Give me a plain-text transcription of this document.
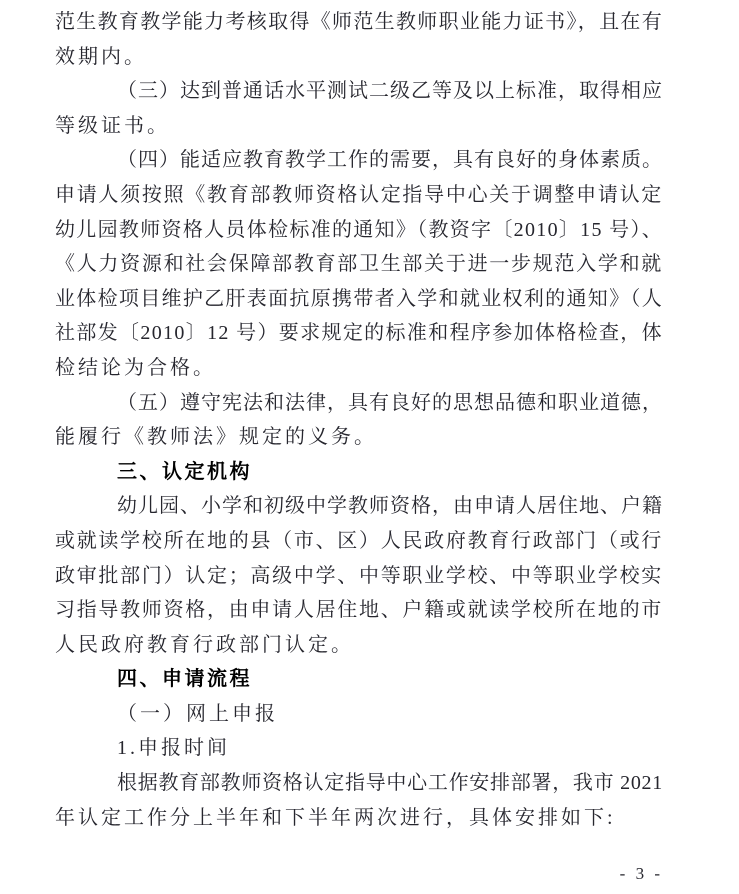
范生教育教学能力考核取得《师范生教师职业能力证书》，且在有
效期内。
（三）达到普通话水平测试二级乙等及以上标准，取得相应
等级证书。
（四）能适应教育教学工作的需要，具有良好的身体素质。
申请人须按照《教育部教师资格认定指导中心关于调整申请认定
幼儿园教师资格人员体检标准的通知》（教资字〔2010〕15 号）、
《人力资源和社会保障部教育部卫生部关于进一步规范入学和就
业体检项目维护乙肝表面抗原携带者入学和就业权利的通知》（人
社部发〔2010〕12 号）要求规定的标准和程序参加体格检查，体
检结论为合格。
（五）遵守宪法和法律，具有良好的思想品德和职业道德，
能履行《教师法》规定的义务。
三、认定机构
幼儿园、小学和初级中学教师资格，由申请人居住地、户籍
或就读学校所在地的县（市、区）人民政府教育行政部门（或行
政审批部门）认定；高级中学、中等职业学校、中等职业学校实
习指导教师资格，由申请人居住地、户籍或就读学校所在地的市
人民政府教育行政部门认定。
四、申请流程
（一）网上申报
1.申报时间
根据教育部教师资格认定指导中心工作安排部署，我市 2021
年认定工作分上半年和下半年两次进行，具体安排如下:
- 3 -
